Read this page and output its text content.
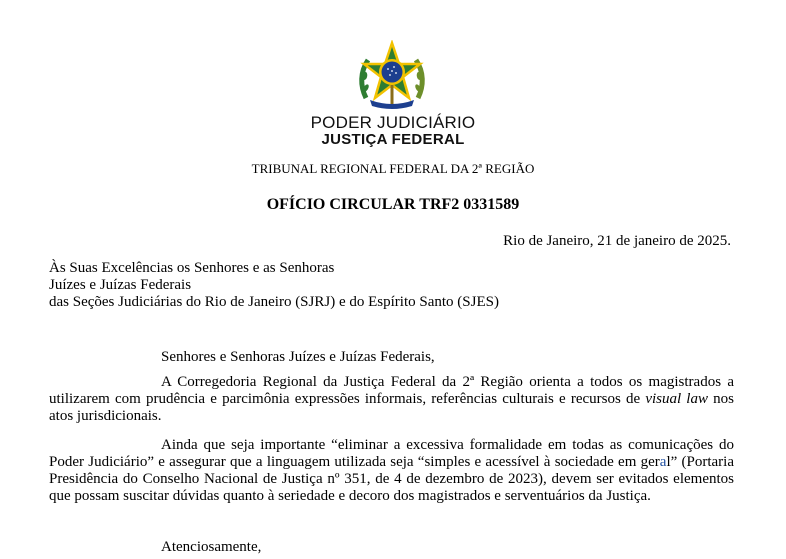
PODER JUDICIÁRIO
JUSTIÇA FEDERAL
TRIBUNAL REGIONAL FEDERAL DA 2ª REGIÃO
OFÍCIO CIRCULAR TRF2 0331589
Rio de Janeiro, 21 de janeiro de 2025.
Às Suas Excelências os Senhores e as Senhoras
Juízes e Juízas Federais
das Seções Judiciárias do Rio de Janeiro (SJRJ) e do Espírito Santo (SJES)
Senhores e Senhoras Juízes e Juízas Federais,
A Corregedoria Regional da Justiça Federal da 2ª Região orienta a todos os magistrados a utilizarem com prudência e parcimônia expressões informais, referências culturais e recursos de visual law nos atos jurisdicionais.
Ainda que seja importante “eliminar a excessiva formalidade em todas as comunicações do Poder Judiciário” e assegurar que a linguagem utilizada seja “simples e acessível à sociedade em geral” (Portaria Presidência do Conselho Nacional de Justiça nº 351, de 4 de dezembro de 2023), devem ser evitados elementos que possam suscitar dúvidas quanto à seriedade e decoro dos magistrados e serventuários da Justiça.
Atenciosamente,
